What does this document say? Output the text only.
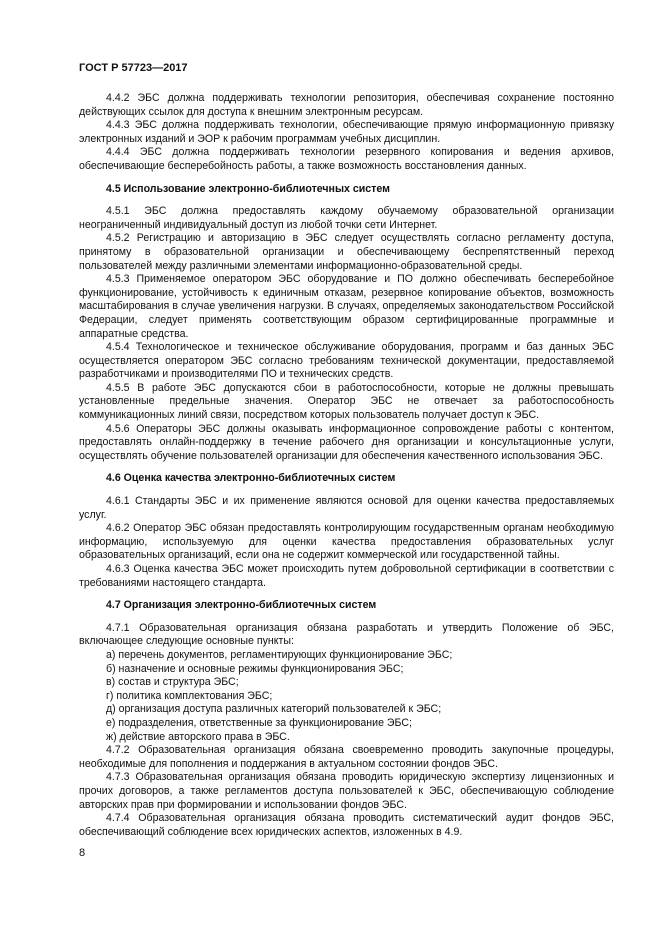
ГОСТ Р 57723—2017

4.4.2 ЭБС должна поддерживать технологии репозитория, обеспечивая сохранение постоянно действующих ссылок для доступа к внешним электронным ресурсам.

4.4.3 ЭБС должна поддерживать технологии, обеспечивающие прямую информационную привязку электронных изданий и ЭОР к рабочим программам учебных дисциплин.

4.4.4 ЭБС должна поддерживать технологии резервного копирования и ведения архивов, обеспечивающие бесперебойность работы, а также возможность восстановления данных.

4.5 Использование электронно-библиотечных систем

4.5.1 ЭБС должна предоставлять каждому обучаемому образовательной организации неограниченный индивидуальный доступ из любой точки сети Интернет.

4.5.2 Регистрацию и авторизацию в ЭБС следует осуществлять согласно регламенту доступа, принятому в образовательной организации и обеспечивающему беспрепятственный переход пользователей между различными элементами информационно-образовательной среды.

4.5.3 Применяемое оператором ЭБС оборудование и ПО должно обеспечивать бесперебойное функционирование, устойчивость к единичным отказам, резервное копирование объектов, возможность масштабирования в случае увеличения нагрузки. В случаях, определяемых законодательством Российской Федерации, следует применять соответствующим образом сертифицированные программные и аппаратные средства.

4.5.4 Технологическое и техническое обслуживание оборудования, программ и баз данных ЭБС осуществляется оператором ЭБС согласно требованиям технической документации, предоставляемой разработчиками и производителями ПО и технических средств.

4.5.5 В работе ЭБС допускаются сбои в работоспособности, которые не должны превышать установленные предельные значения. Оператор ЭБС не отвечает за работоспособность коммуникационных линий связи, посредством которых пользователь получает доступ к ЭБС.

4.5.6 Операторы ЭБС должны оказывать информационное сопровождение работы с контентом, предоставлять онлайн-поддержку в течение рабочего дня организации и консультационные услуги, осуществлять обучение пользователей организации для обеспечения качественного использования ЭБС.

4.6 Оценка качества электронно-библиотечных систем

4.6.1 Стандарты ЭБС и их применение являются основой для оценки качества предоставляемых услуг.

4.6.2 Оператор ЭБС обязан предоставлять контролирующим государственным органам необходимую информацию, используемую для оценки качества предоставления образовательных услуг образовательных организаций, если она не содержит коммерческой или государственной тайны.

4.6.3 Оценка качества ЭБС может происходить путем добровольной сертификации в соответствии с требованиями настоящего стандарта.

4.7 Организация электронно-библиотечных систем

4.7.1 Образовательная организация обязана разработать и утвердить Положение об ЭБС, включающее следующие основные пункты:

а) перечень документов, регламентирующих функционирование ЭБС;

б) назначение и основные режимы функционирования ЭБС;

в) состав и структура ЭБС;

г) политика комплектования ЭБС;

д) организация доступа различных категорий пользователей к ЭБС;

е) подразделения, ответственные за функционирование ЭБС;

ж) действие авторского права в ЭБС.

4.7.2 Образовательная организация обязана своевременно проводить закупочные процедуры, необходимые для пополнения и поддержания в актуальном состоянии фондов ЭБС.

4.7.3 Образовательная организация обязана проводить юридическую экспертизу лицензионных и прочих договоров, а также регламентов доступа пользователей к ЭБС, обеспечивающую соблюдение авторских прав при формировании и использовании фондов ЭБС.

4.7.4 Образовательная организация обязана проводить систематический аудит фондов ЭБС, обеспечивающий соблюдение всех юридических аспектов, изложенных в 4.9.

8
